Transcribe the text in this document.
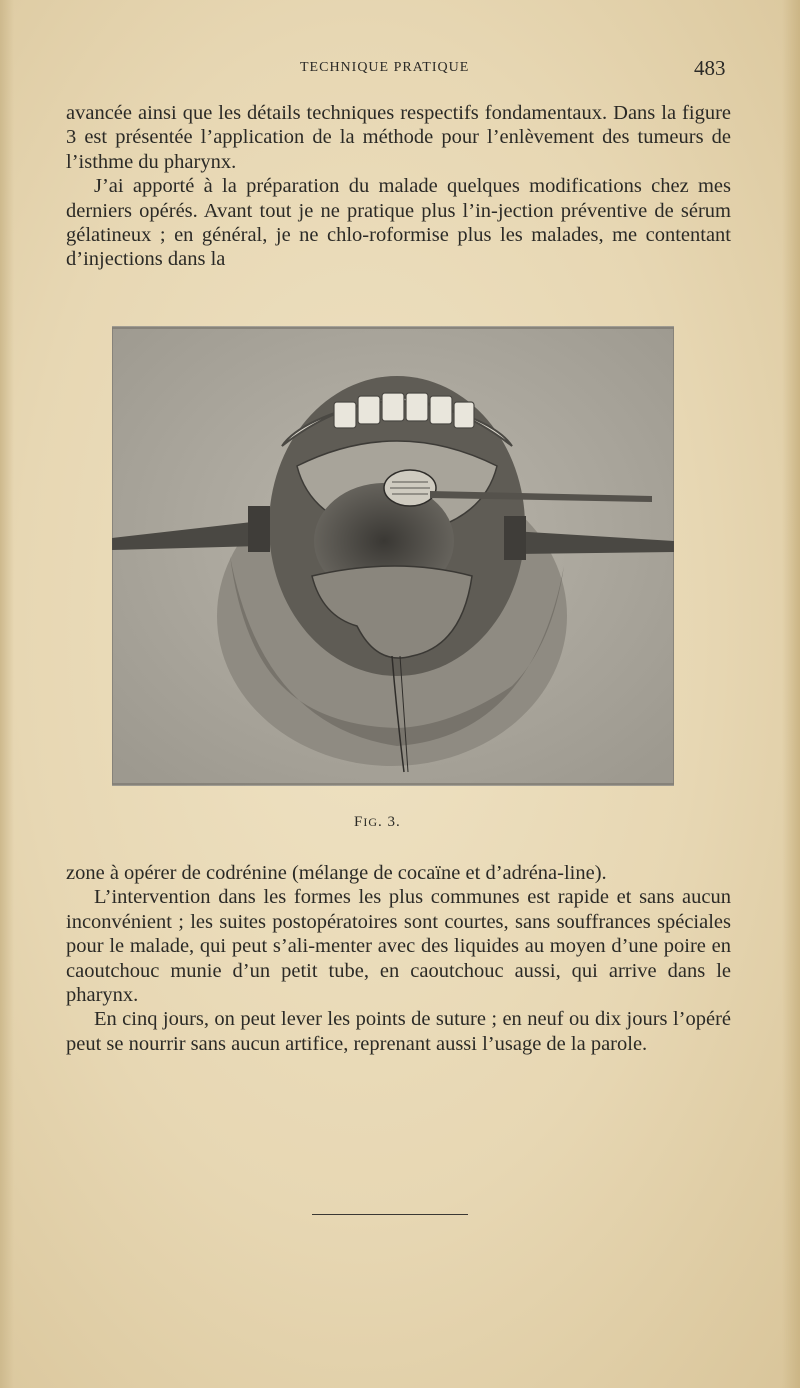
TECHNIQUE PRATIQUE	483

avancée ainsi que les détails techniques respectifs fondamentaux. Dans la figure 3 est présentée l’application de la méthode pour l’enlèvement des tumeurs de l’isthme du pharynx.

J’ai apporté à la préparation du malade quelques modifications chez mes derniers opérés. Avant tout je ne pratique plus l’in-jection préventive de sérum gélatineux ; en général, je ne chlo-roformise plus les malades, me contentant d’injections dans la

FIG. 3.

zone à opérer de codrénine (mélange de cocaïne et d’adréna-line).

L’intervention dans les formes les plus communes est rapide et sans aucun inconvénient ; les suites postopératoires sont courtes, sans souffrances spéciales pour le malade, qui peut s’ali-menter avec des liquides au moyen d’une poire en caoutchouc munie d’un petit tube, en caoutchouc aussi, qui arrive dans le pharynx.

En cinq jours, on peut lever les points de suture ; en neuf ou dix jours l’opéré peut se nourrir sans aucun artifice, reprenant aussi l’usage de la parole.
